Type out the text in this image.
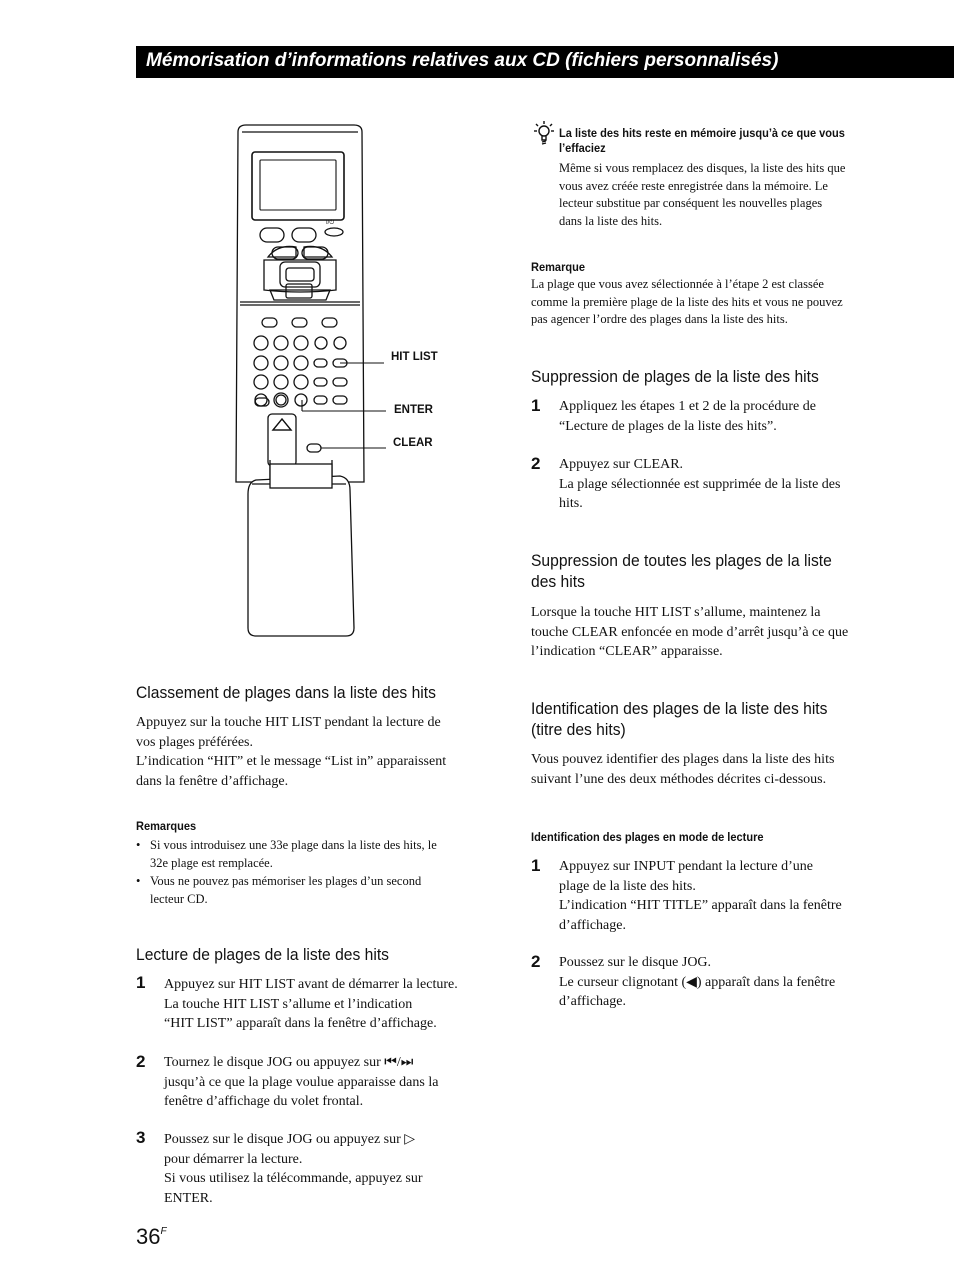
Mémorisation d’informations relatives aux CD (fichiers personnalisés)
I/⏻
HIT LIST
ENTER
CLEAR
Classement de plages dans la liste des hits
Appuyez sur la touche HIT LIST pendant la lecture de
vos plages préférées.
L’indication “HIT” et le message “List in” apparaissent
dans la fenêtre d’affichage.
Remarques
• Si vous introduisez une 33e plage dans la liste des hits, le
32e plage est remplacée.
• Vous ne pouvez pas mémoriser les plages d’un second
lecteur CD.
Lecture de plages de la liste des hits
1 Appuyez sur HIT LIST avant de démarrer la lecture.
La touche HIT LIST s’allume et l’indication
“HIT LIST” apparaît dans la fenêtre d’affichage.
2 Tournez le disque JOG ou appuyez sur ⏮/⏭
jusqu’à ce que la plage voulue apparaisse dans la
fenêtre d’affichage du volet frontal.
3 Poussez sur le disque JOG ou appuyez sur ▷
pour démarrer la lecture.
Si vous utilisez la télécommande, appuyez sur
ENTER.
La liste des hits reste en mémoire jusqu’à ce que vous
l’effaciez
Même si vous remplacez des disques, la liste des hits que
vous avez créée reste enregistrée dans la mémoire. Le
lecteur substitue par conséquent les nouvelles plages
dans la liste des hits.
Remarque
La plage que vous avez sélectionnée à l’étape 2 est classée
comme la première plage de la liste des hits et vous ne pouvez
pas agencer l’ordre des plages dans la liste des hits.
Suppression de plages de la liste des hits
1 Appliquez les étapes 1 et 2 de la procédure de
“Lecture de plages de la liste des hits”.
2 Appuyez sur CLEAR.
La plage sélectionnée est supprimée de la liste des
hits.
Suppression de toutes les plages de la liste
des hits
Lorsque la touche HIT LIST s’allume, maintenez la
touche CLEAR enfoncée en mode d’arrêt jusqu’à ce que
l’indication “CLEAR” apparaisse.
Identification des plages de la liste des hits
(titre des hits)
Vous pouvez identifier des plages dans la liste des hits
suivant l’une des deux méthodes décrites ci-dessous.
Identification des plages en mode de lecture
1 Appuyez sur INPUT pendant la lecture d’une
plage de la liste des hits.
L’indication “HIT TITLE” apparaît dans la fenêtre
d’affichage.
2 Poussez sur le disque JOG.
Le curseur clignotant (◀) apparaît dans la fenêtre
d’affichage.
$36^F$
